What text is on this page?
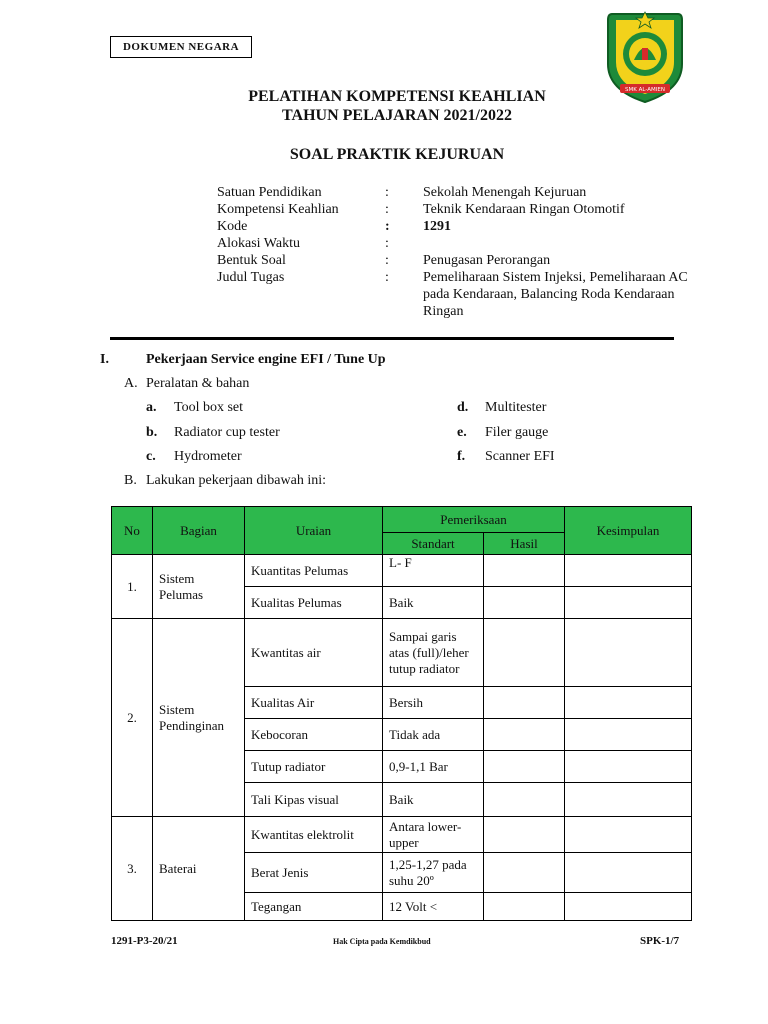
DOKUMEN NEGARA
SMK AL-AMIEN
PELATIHAN KOMPETENSI KEAHLIAN
TAHUN PELAJARAN 2021/2022
SOAL PRAKTIK KEJURUAN
Satuan Pendidikan	:	Sekolah Menengah Kejuruan
Kompetensi Keahlian	:	Teknik Kendaraan Ringan Otomotif
Kode	:	1291
Alokasi Waktu	:
Bentuk Soal	:	Penugasan Perorangan
Judul Tugas	:	Pemeliharaan Sistem Injeksi, Pemeliharaan AC
pada Kendaraan, Balancing Roda Kendaraan
Ringan
I.	Pekerjaan Service engine EFI / Tune Up
A. Peralatan & bahan
a. Tool box set
b. Radiator cup tester
c. Hydrometer
d. Multitester
e. Filer gauge
f. Scanner EFI
B. Lakukan pekerjaan dibawah ini:
No	Bagian	Uraian	Pemeriksaan		Kesimpulan
			Standart	Hasil	
1.	Sistem Pelumas	Kuantitas Pelumas	L- F		
		Kualitas Pelumas	Baik		
2.	Sistem Pendinginan	Kwantitas air	Sampai garis atas (full)/leher tutup radiator		
		Kualitas Air	Bersih		
		Kebocoran	Tidak ada		
		Tutup radiator	0,9-1,1 Bar		
		Tali Kipas visual	Baik		
3.	Baterai	Kwantitas elektrolit	Antara lower-upper		
		Berat Jenis	1,25-1,27 pada suhu 20º		
		Tegangan	12 Volt <		
1291-P3-20/21	Hak Cipta pada Kemdikbud	SPK-1/7
